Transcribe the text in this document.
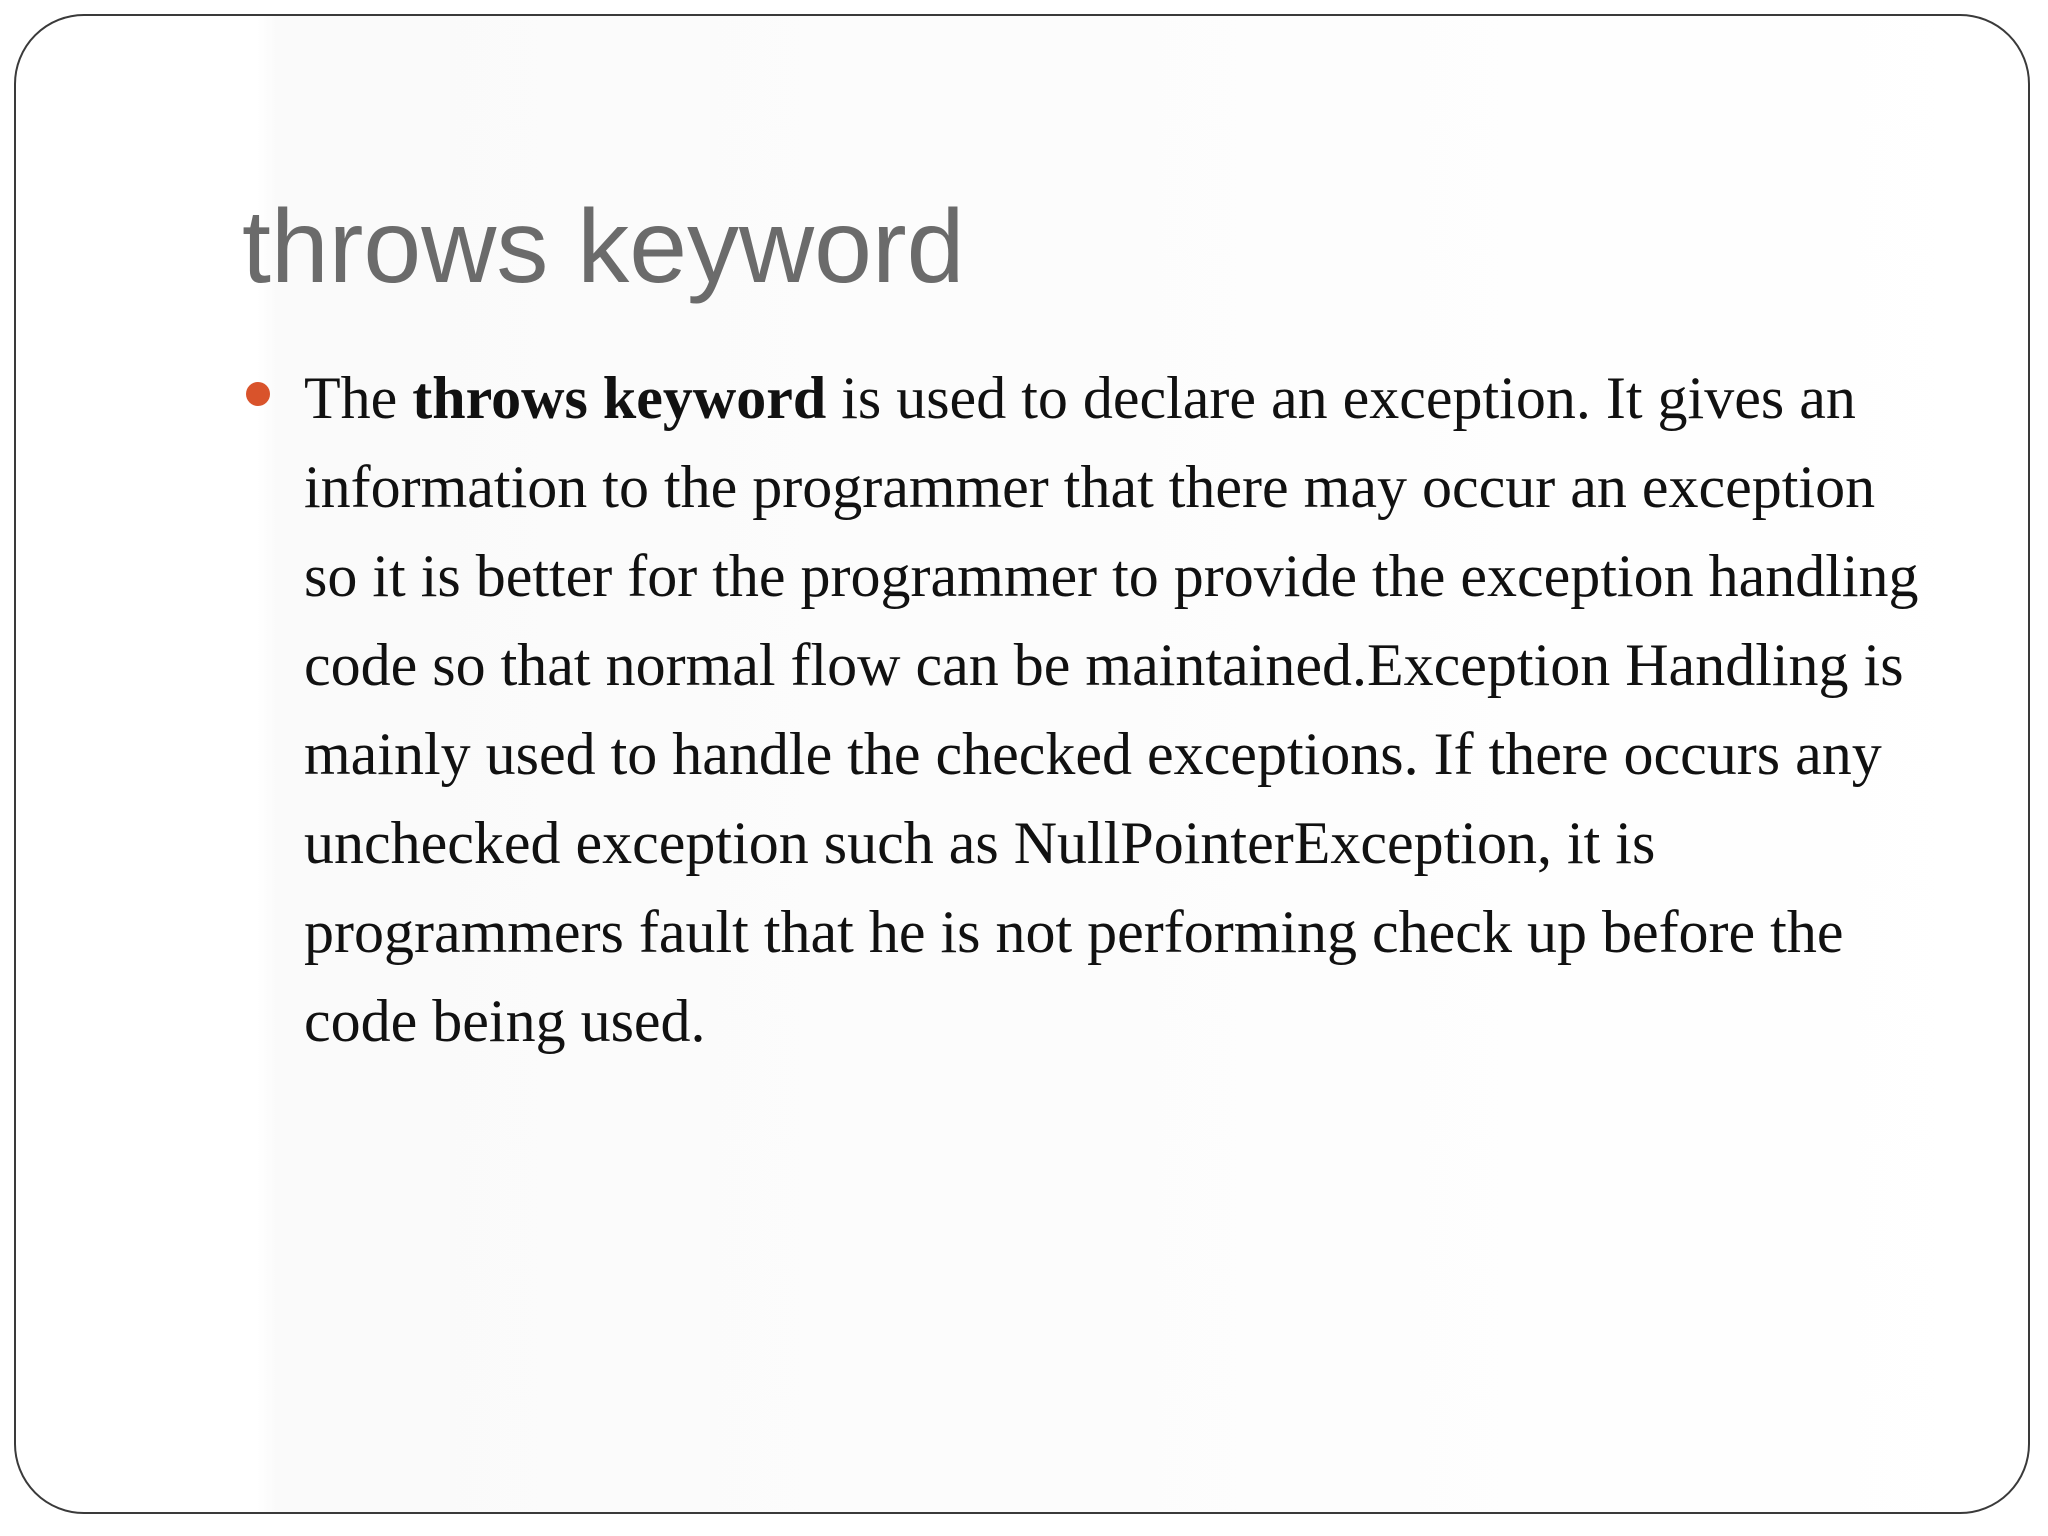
throws keyword
The throws keyword is used to declare an exception. It gives an information to the programmer that there may occur an exception so it is better for the programmer to provide the exception handling code so that normal flow can be maintained.Exception Handling is mainly used to handle the checked exceptions. If there occurs any unchecked exception such as NullPointerException, it is programmers fault that he is not performing check up before the code being used.
